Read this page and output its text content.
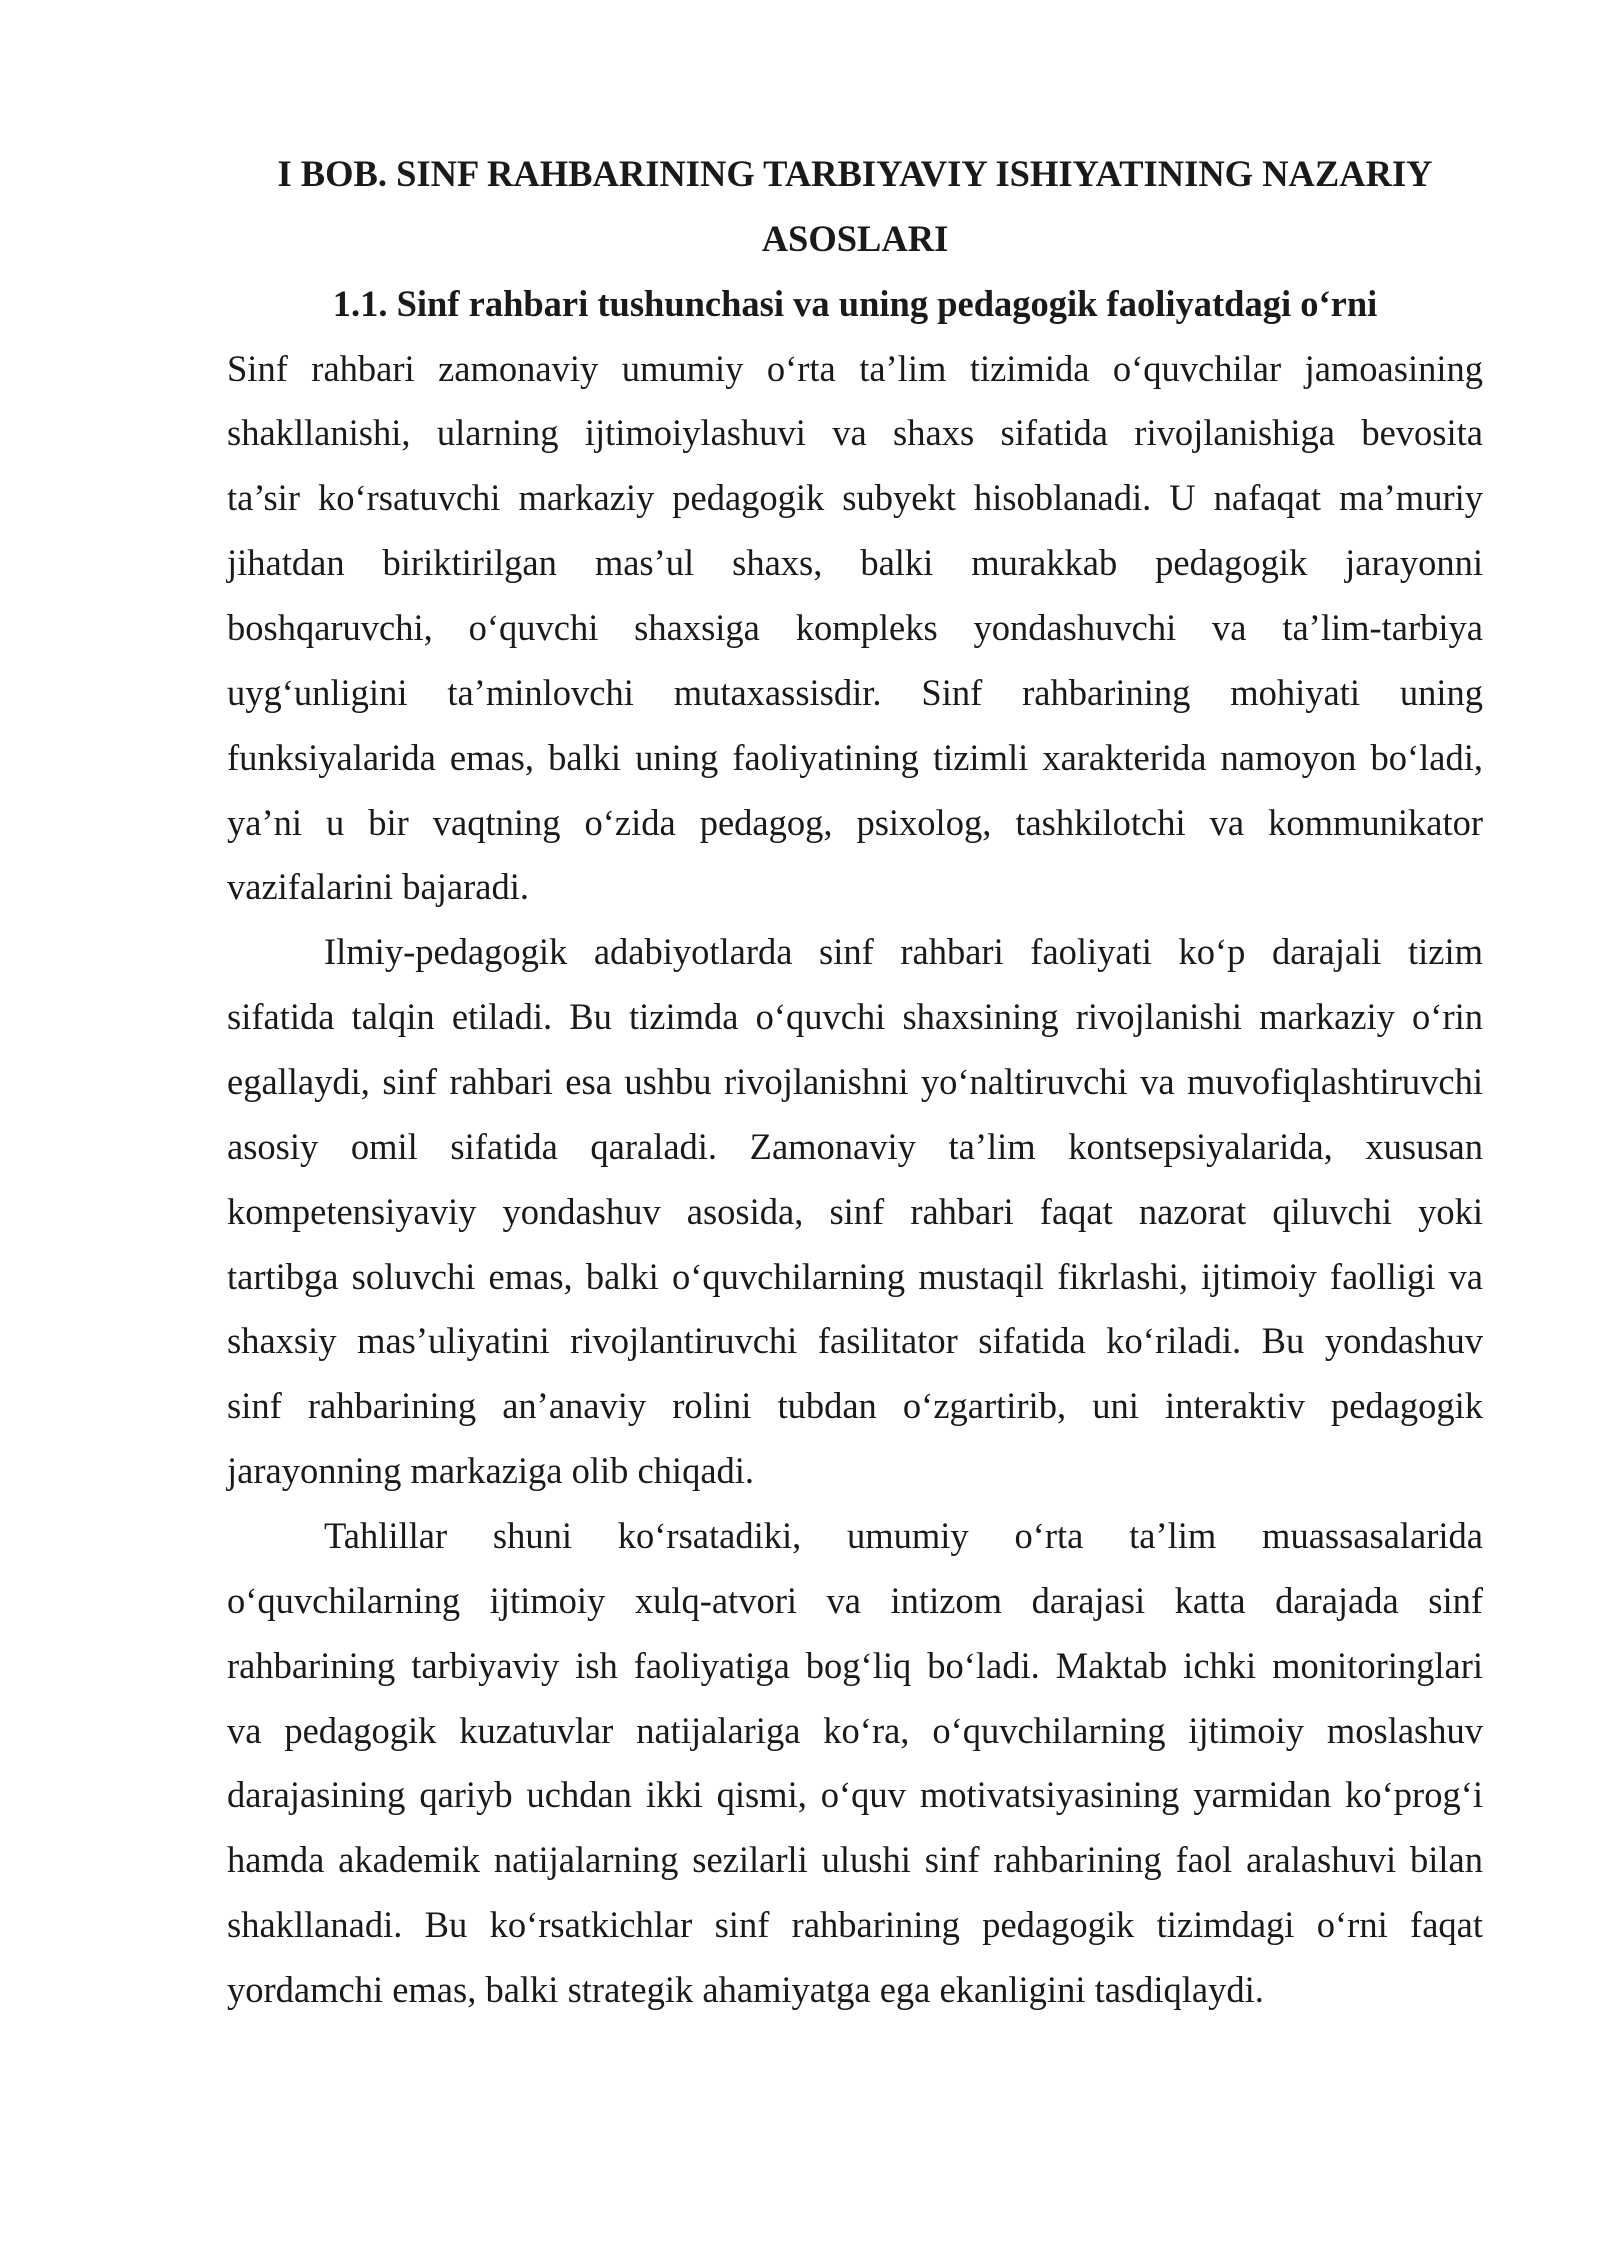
I BOB. SINF RAHBARINING TARBIYAVIY ISHIYATINING NAZARIY
ASOSLARI
1.1. Sinf rahbari tushunchasi va uning pedagogik faoliyatdagi o‘rni
Sinf rahbari zamonaviy umumiy o‘rta ta’lim tizimida o‘quvchilar jamoasining
shakllanishi, ularning ijtimoiylashuvi va shaxs sifatida rivojlanishiga bevosita
ta’sir ko‘rsatuvchi markaziy pedagogik subyekt hisoblanadi. U nafaqat ma’muriy
jihatdan biriktirilgan mas’ul shaxs, balki murakkab pedagogik jarayonni
boshqaruvchi, o‘quvchi shaxsiga kompleks yondashuvchi va ta’lim-tarbiya
uyg‘unligini ta’minlovchi mutaxassisdir. Sinf rahbarining mohiyati uning
funksiyalarida emas, balki uning faoliyatining tizimli xarakterida namoyon bo‘ladi,
ya’ni u bir vaqtning o‘zida pedagog, psixolog, tashkilotchi va kommunikator
vazifalarini bajaradi.
Ilmiy-pedagogik adabiyotlarda sinf rahbari faoliyati ko‘p darajali tizim
sifatida talqin etiladi. Bu tizimda o‘quvchi shaxsining rivojlanishi markaziy o‘rin
egallaydi, sinf rahbari esa ushbu rivojlanishni yo‘naltiruvchi va muvofiqlashtiruvchi
asosiy omil sifatida qaraladi. Zamonaviy ta’lim kontsepsiyalarida, xususan
kompetensiyaviy yondashuv asosida, sinf rahbari faqat nazorat qiluvchi yoki
tartibga soluvchi emas, balki o‘quvchilarning mustaqil fikrlashi, ijtimoiy faolligi va
shaxsiy mas’uliyatini rivojlantiruvchi fasilitator sifatida ko‘riladi. Bu yondashuv
sinf rahbarining an’anaviy rolini tubdan o‘zgartirib, uni interaktiv pedagogik
jarayonning markaziga olib chiqadi.
Tahlillar shuni ko‘rsatadiki, umumiy o‘rta ta’lim muassasalarida
o‘quvchilarning ijtimoiy xulq-atvori va intizom darajasi katta darajada sinf
rahbarining tarbiyaviy ish faoliyatiga bog‘liq bo‘ladi. Maktab ichki monitoringlari
va pedagogik kuzatuvlar natijalariga ko‘ra, o‘quvchilarning ijtimoiy moslashuv
darajasining qariyb uchdan ikki qismi, o‘quv motivatsiyasining yarmidan ko‘prog‘i
hamda akademik natijalarning sezilarli ulushi sinf rahbarining faol aralashuvi bilan
shakllanadi. Bu ko‘rsatkichlar sinf rahbarining pedagogik tizimdagi o‘rni faqat
yordamchi emas, balki strategik ahamiyatga ega ekanligini tasdiqlaydi.
